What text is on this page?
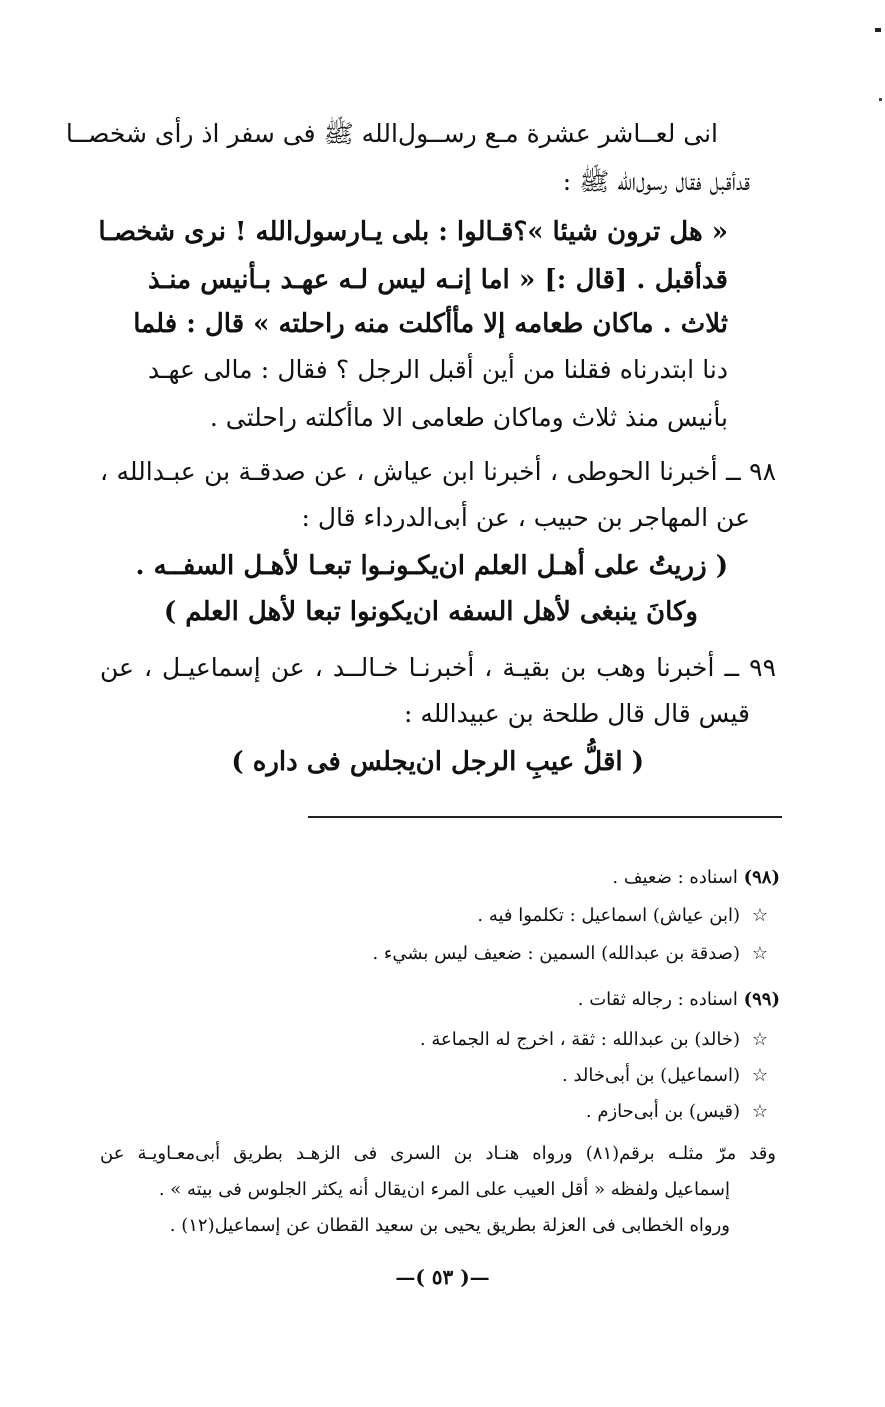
انى لعــاشر عشرة مـع رســول‌الله ﷺ فى سفر اذ رأى شخصــا
قدأقبل فقال رسول‌الله ﷺ :
« هل ترون شيئا »؟قـالوا : بلى يـارسول‌الله ! نرى شخصـا
قدأقبل . [قال :] « اما إنـه ليس لـه عهـد بـأنيس منـذ
ثلاث . ماكان طعامه إلا مأأكلت منه راحلته » قال : فلما
دنا ابتدرناه فقلنا من أين أقبل الرجل ؟ فقال : مالى عهـد
بأنيس منذ ثلاث وماكان طعامى الا ماأكلته راحلتى .
٩٨ ــ أخبرنا الحوطى ، أخبرنا ابن عياش ، عن صدقـة بن عبـدالله ،
عن المهاجر بن حبيب ، عن أبى‌الدرداء قال :
( زريتُ على أهـل العلم ان‌يكـونـوا تبعـا لأهـل السفــه .
وكانَ ينبغى لأهل السفه ان‌يكونوا تبعا لأهل العلم )
٩٩ ــ أخبرنا وهب بن بقيـة ، أخبرنـا خـالــد ، عن إسماعيـل ، عن
قيس قال قال طلحة بن عبيدالله :
( اقلُّ عيبِ الرجل ان‌يجلس فى داره )
(٩٨) اسناده : ضعيف .
☆(ابن عياش) اسماعيل : تكلموا فيه .
☆(صدقة بن عبدالله) السمين : ضعيف ليس بشيء .
(٩٩) اسناده : رجاله ثقات .
☆(خالد) بن عبدالله : ثقة ، اخرج له الجماعة .
☆(اسماعيل) بن أبى‌خالد .
☆(قيس) بن أبى‌حازم .
وقد مرّ مثلـه برقم(٨١) ورواه هنـاد بن السرى فى الزهـد بطريق أبى‌معـاويـة عن
إسماعيل ولفظه « أقل العيب على المرء ان‌يقال أنه يكثر الجلوس فى بيته » .
ورواه الخطابى فى العزلة بطريق يحيى بن سعيد القطان عن إسماعيل(١٢) .
—( ٥٣ )—
